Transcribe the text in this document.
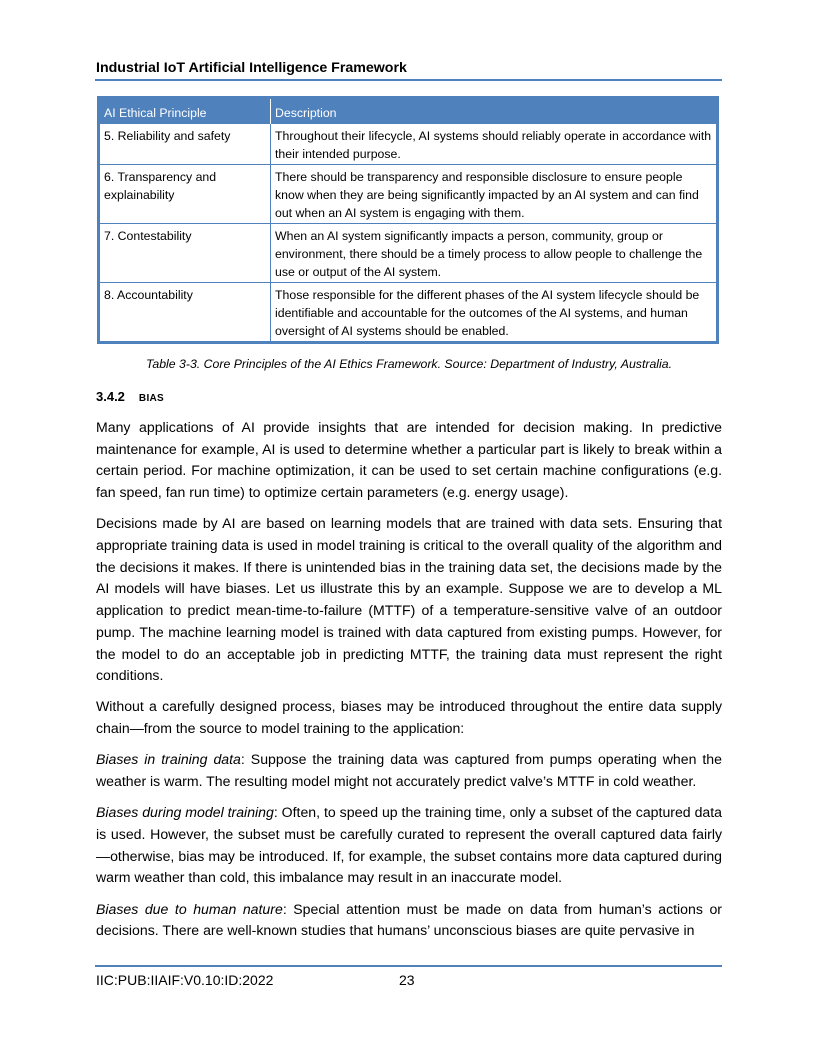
Industrial IoT Artificial Intelligence Framework
AI Ethical Principle	Description
5. Reliability and safety	Throughout their lifecycle, AI systems should reliably operate in accordance with their intended purpose.
6. Transparency and explainability	There should be transparency and responsible disclosure to ensure people know when they are being significantly impacted by an AI system and can find out when an AI system is engaging with them.
7. Contestability	When an AI system significantly impacts a person, community, group or environment, there should be a timely process to allow people to challenge the use or output of the AI system.
8. Accountability	Those responsible for the different phases of the AI system lifecycle should be identifiable and accountable for the outcomes of the AI systems, and human oversight of AI systems should be enabled.
Table 3-3. Core Principles of the AI Ethics Framework. Source: Department of Industry, Australia.
3.4.2 BIAS

Many applications of AI provide insights that are intended for decision making. In predictive maintenance for example, AI is used to determine whether a particular part is likely to break within a certain period. For machine optimization, it can be used to set certain machine configurations (e.g. fan speed, fan run time) to optimize certain parameters (e.g. energy usage).

Decisions made by AI are based on learning models that are trained with data sets. Ensuring that appropriate training data is used in model training is critical to the overall quality of the algorithm and the decisions it makes. If there is unintended bias in the training data set, the decisions made by the AI models will have biases. Let us illustrate this by an example. Suppose we are to develop a ML application to predict mean-time-to-failure (MTTF) of a temperature-sensitive valve of an outdoor pump. The machine learning model is trained with data captured from existing pumps. However, for the model to do an acceptable job in predicting MTTF, the training data must represent the right conditions.

Without a carefully designed process, biases may be introduced throughout the entire data supply chain—from the source to model training to the application:

Biases in training data: Suppose the training data was captured from pumps operating when the weather is warm. The resulting model might not accurately predict valve’s MTTF in cold weather.

Biases during model training: Often, to speed up the training time, only a subset of the captured data is used. However, the subset must be carefully curated to represent the overall captured data fairly—otherwise, bias may be introduced. If, for example, the subset contains more data captured during warm weather than cold, this imbalance may result in an inaccurate model.

Biases due to human nature: Special attention must be made on data from human’s actions or decisions. There are well-known studies that humans’ unconscious biases are quite pervasive in

IIC:PUB:IIAIF:V0.10:ID:2022	23
